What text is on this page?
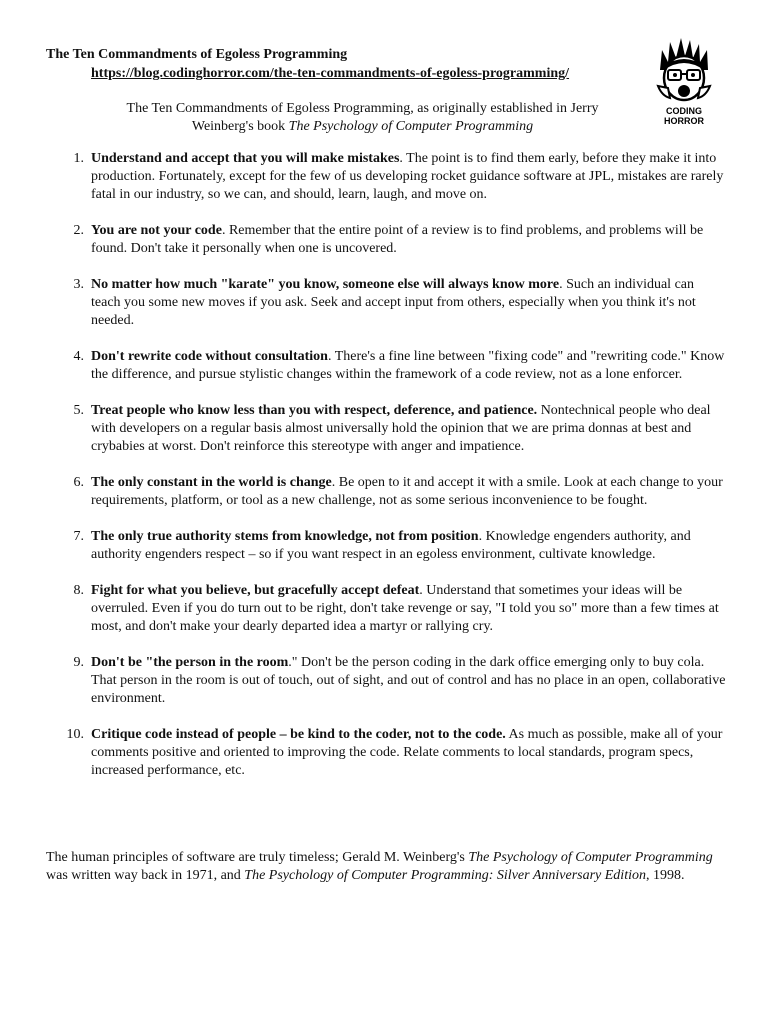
The Ten Commandments of Egoless Programming
https://blog.codinghorror.com/the-ten-commandments-of-egoless-programming/
CODING
HORROR
The Ten Commandments of Egoless Programming, as originally established in Jerry Weinberg's book The Psychology of Computer Programming
1. Understand and accept that you will make mistakes. The point is to find them early, before they make it into production. Fortunately, except for the few of us developing rocket guidance software at JPL, mistakes are rarely fatal in our industry, so we can, and should, learn, laugh, and move on.
2. You are not your code. Remember that the entire point of a review is to find problems, and problems will be found. Don't take it personally when one is uncovered.
3. No matter how much "karate" you know, someone else will always know more. Such an individual can teach you some new moves if you ask. Seek and accept input from others, especially when you think it's not needed.
4. Don't rewrite code without consultation. There's a fine line between "fixing code" and "rewriting code." Know the difference, and pursue stylistic changes within the framework of a code review, not as a lone enforcer.
5. Treat people who know less than you with respect, deference, and patience. Nontechnical people who deal with developers on a regular basis almost universally hold the opinion that we are prima donnas at best and crybabies at worst. Don't reinforce this stereotype with anger and impatience.
6. The only constant in the world is change. Be open to it and accept it with a smile. Look at each change to your requirements, platform, or tool as a new challenge, not as some serious inconvenience to be fought.
7. The only true authority stems from knowledge, not from position. Knowledge engenders authority, and authority engenders respect – so if you want respect in an egoless environment, cultivate knowledge.
8. Fight for what you believe, but gracefully accept defeat. Understand that sometimes your ideas will be overruled. Even if you do turn out to be right, don't take revenge or say, "I told you so" more than a few times at most, and don't make your dearly departed idea a martyr or rallying cry.
9. Don't be "the person in the room." Don't be the person coding in the dark office emerging only to buy cola. That person in the room is out of touch, out of sight, and out of control and has no place in an open, collaborative environment.
10. Critique code instead of people – be kind to the coder, not to the code. As much as possible, make all of your comments positive and oriented to improving the code. Relate comments to local standards, program specs, increased performance, etc.
The human principles of software are truly timeless; Gerald M. Weinberg's The Psychology of Computer Programming was written way back in 1971, and The Psychology of Computer Programming: Silver Anniversary Edition, 1998.
